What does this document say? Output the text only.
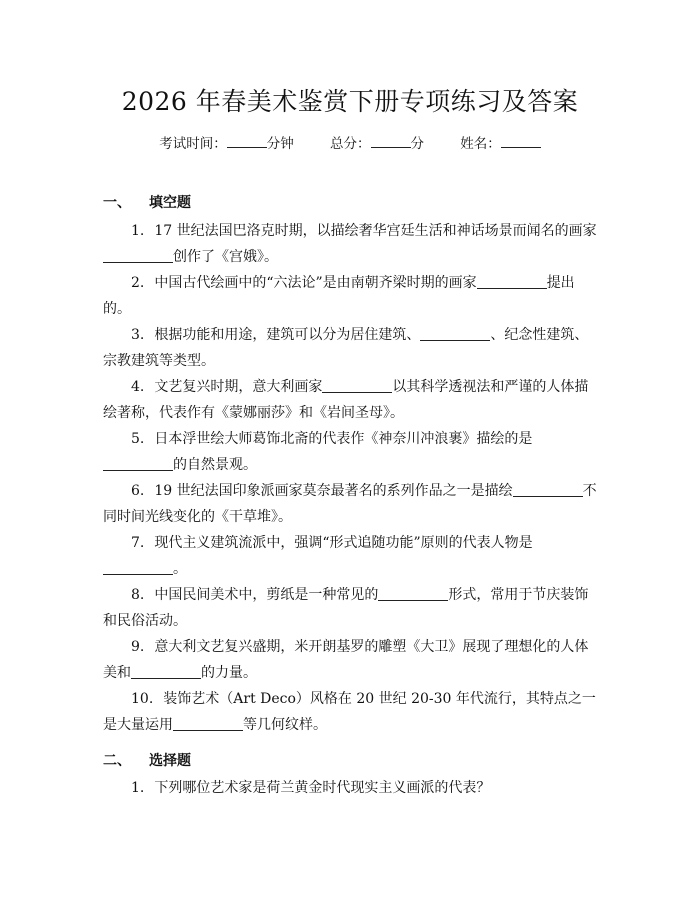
2026 年春美术鉴赏下册专项练习及答案
考试时间：	分钟	总分：	分	姓名：
一、 填空题
1. 17 世纪法国巴洛克时期，以描绘奢华宫廷生活和神话场景而闻名的画家创作了《宫娥》。
2. 中国古代绘画中的“六法论”是由南朝齐梁时期的画家	提出的。
3. 根据功能和用途，建筑可以分为居住建筑、	、纪念性建筑、宗教建筑等类型。
4. 文艺复兴时期，意大利画家	以其科学透视法和严谨的人体描绘著称，代表作有《蒙娜丽莎》和《岩间圣母》。
5. 日本浮世绘大师葛饰北斋的代表作《神奈川冲浪裹》描绘的是的自然景观。
6. 19 世纪法国印象派画家莫奈最著名的系列作品之一是描绘	不同时间光线变化的《干草堆》。
7. 现代主义建筑流派中，强调“形式追随功能”原则的代表人物是。
8. 中国民间美术中，剪纸是一种常见的	形式，常用于节庆装饰和民俗活动。
9. 意大利文艺复兴盛期，米开朗基罗的雕塑《大卫》展现了理想化的人体美和	的力量。
10. 装饰艺术（Art Deco）风格在 20 世纪 20-30 年代流行，其特点之一是大量运用	等几何纹样。
二、 选择题
1. 下列哪位艺术家是荷兰黄金时代现实主义画派的代表？
